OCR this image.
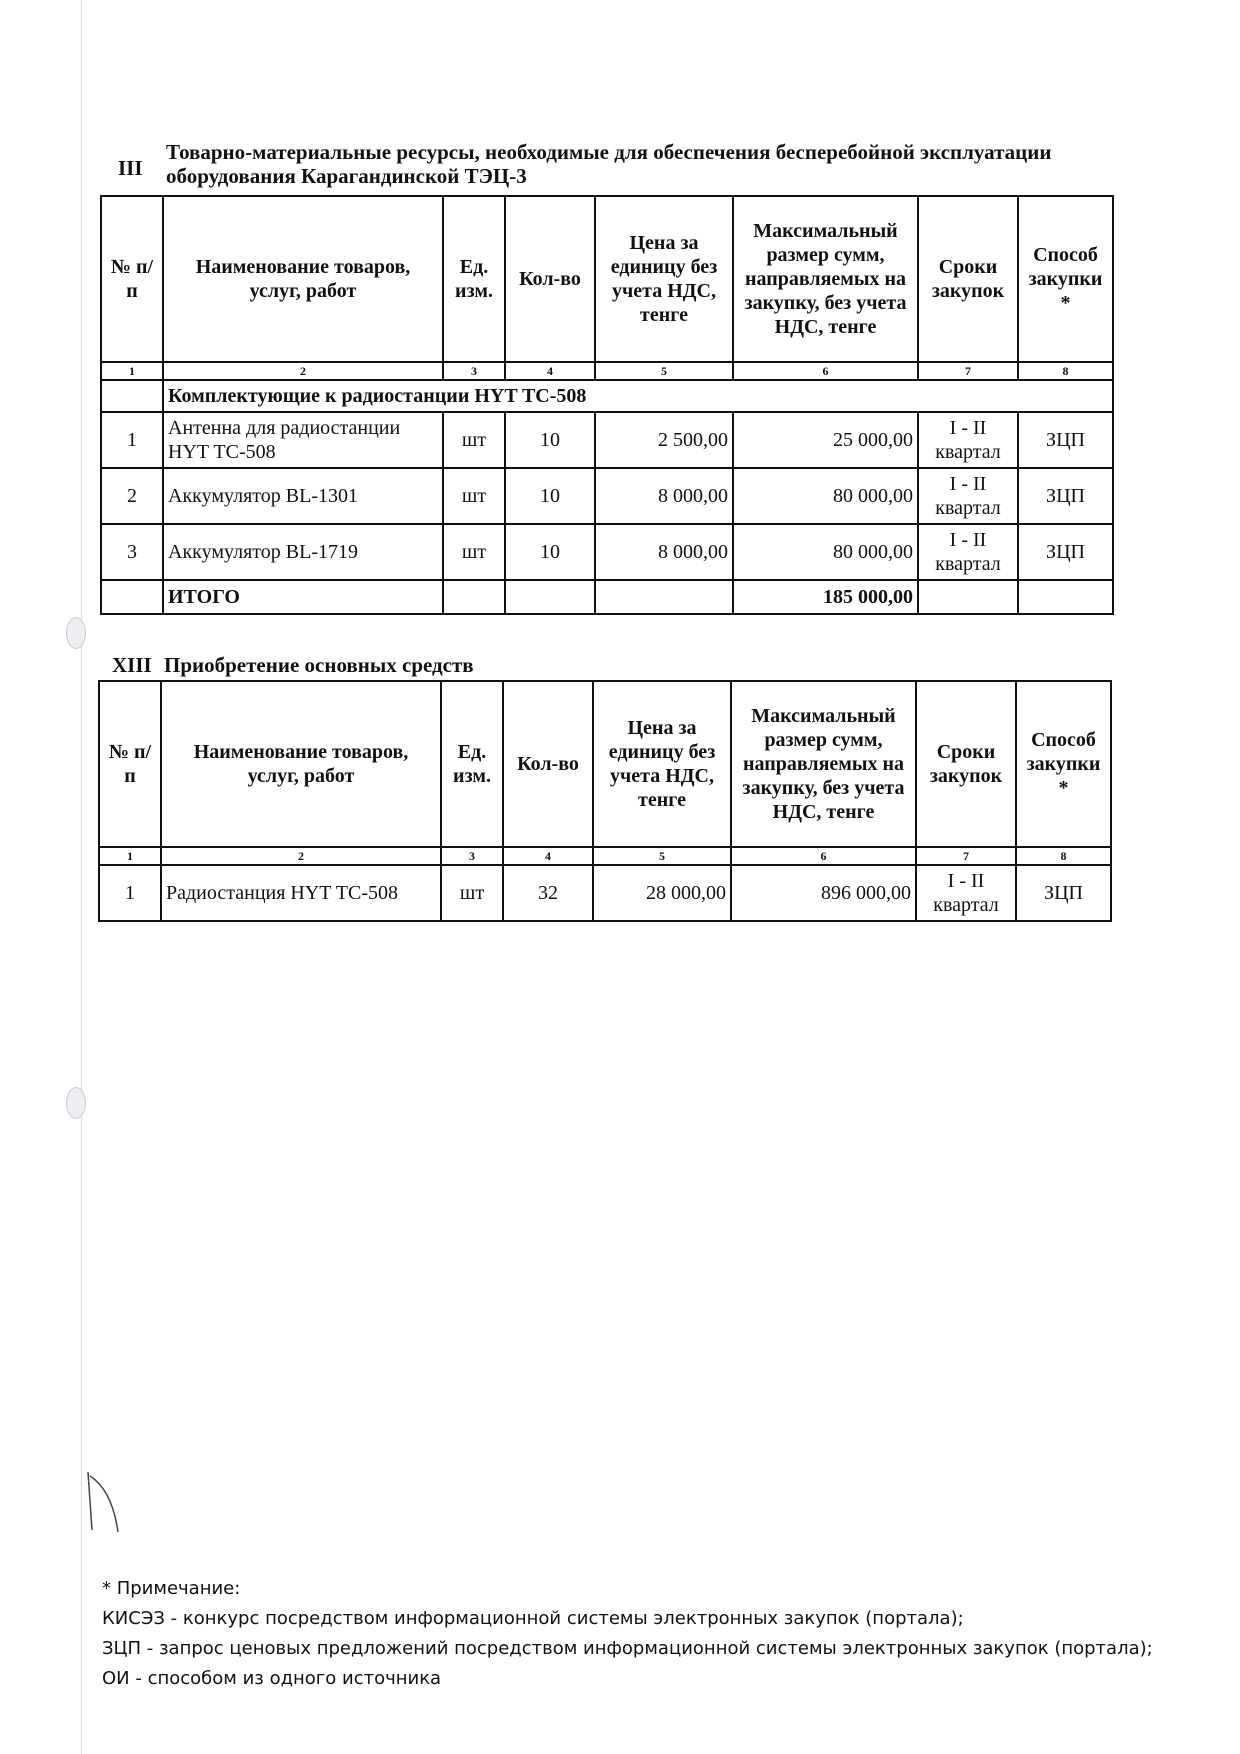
III
Товарно-материальные ресурсы, необходимые для обеспечения бесперебойной эксплуатации
оборудования Карагандинской ТЭЦ-3
№ п/п	Наименование товаров, услуг, работ	Ед. изм.	Кол-во	Цена за единицу без учета НДС, тенге	Максимальный размер сумм, направляемых на закупку, без учета НДС, тенге	Сроки закупок	Способ закупки *
1	2	3	4	5	6	7	8
	Комплектующие к радиостанции HYT TC-508						
1	Антенна для радиостанции HYT TC-508	шт	10	2 500,00	25 000,00	I - II квартал	ЗЦП
2	Аккумулятор BL-1301	шт	10	8 000,00	80 000,00	I - II квартал	ЗЦП
3	Аккумулятор BL-1719	шт	10	8 000,00	80 000,00	I - II квартал	ЗЦП
	ИТОГО				185 000,00		
XIII Приобретение основных средств
№ п/п	Наименование товаров, услуг, работ	Ед. изм.	Кол-во	Цена за единицу без учета НДС, тенге	Максимальный размер сумм, направляемых на закупку, без учета НДС, тенге	Сроки закупок	Способ закупки *
1	2	3	4	5	6	7	8
1	Радиостанция HYT TC-508	шт	32	28 000,00	896 000,00	I - II квартал	ЗЦП
* Примечание:
КИСЭЗ - конкурс посредством информационной системы электронных закупок (портала);
ЗЦП - запрос ценовых предложений посредством информационной системы электронных закупок (портала);
ОИ - способом из одного источника
